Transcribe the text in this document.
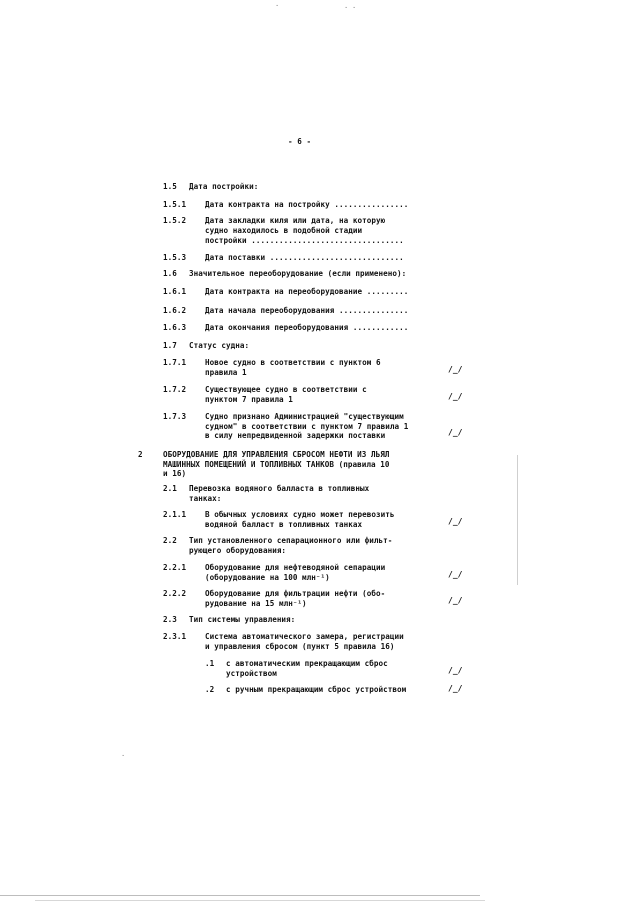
- 6 -
1.5 Дата постройки:
1.5.1 Дата контракта на постройку ................
1.5.2 Дата закладки киля или дата, на которую
судно находилось в подобной стадии
постройки .................................
1.5.3 Дата поставки .............................
1.6 Значительное переоборудование (если применено):
1.6.1 Дата контракта на переоборудование .........
1.6.2 Дата начала переоборудования ...............
1.6.3 Дата окончания переоборудования ............
1.7 Статус судна:
1.7.1 Новое судно в соответствии с пунктом 6
правила 1	/_/
1.7.2 Существующее судно в соответствии с
пунктом 7 правила 1	/_/
1.7.3 Судно признано Администрацией "существующим
судном" в соответствии с пунктом 7 правила 1
в силу непредвиденной задержки поставки	/_/
2	ОБОРУДОВАНИЕ ДЛЯ УПРАВЛЕНИЯ СБРОСОМ НЕФТИ ИЗ ЛЬЯЛ
МАШИННЫХ ПОМЕЩЕНИЙ И ТОПЛИВНЫХ ТАНКОВ (правила 10
и 16)
2.1 Перевозка водяного балласта в топливных
танках:
2.1.1 В обычных условиях судно может перевозить
водяной балласт в топливных танках	/_/
2.2 Тип установленного сепарационного или фильт-
рующего оборудования:
2.2.1 Оборудование для нефтеводяной сепарации
(оборудование на 100 млн⁻¹)	/_/
2.2.2 Оборудование для фильтрации нефти (обо-
рудование на 15 млн⁻¹)	/_/
2.3 Тип системы управления:
2.3.1 Система автоматического замера, регистрации
и управления сбросом (пункт 5 правила 16)
.1 с автоматическим прекращающим сброс
устройством	/_/
.2 с ручным прекращающим сброс устройством	/_/
·	· ·
·
